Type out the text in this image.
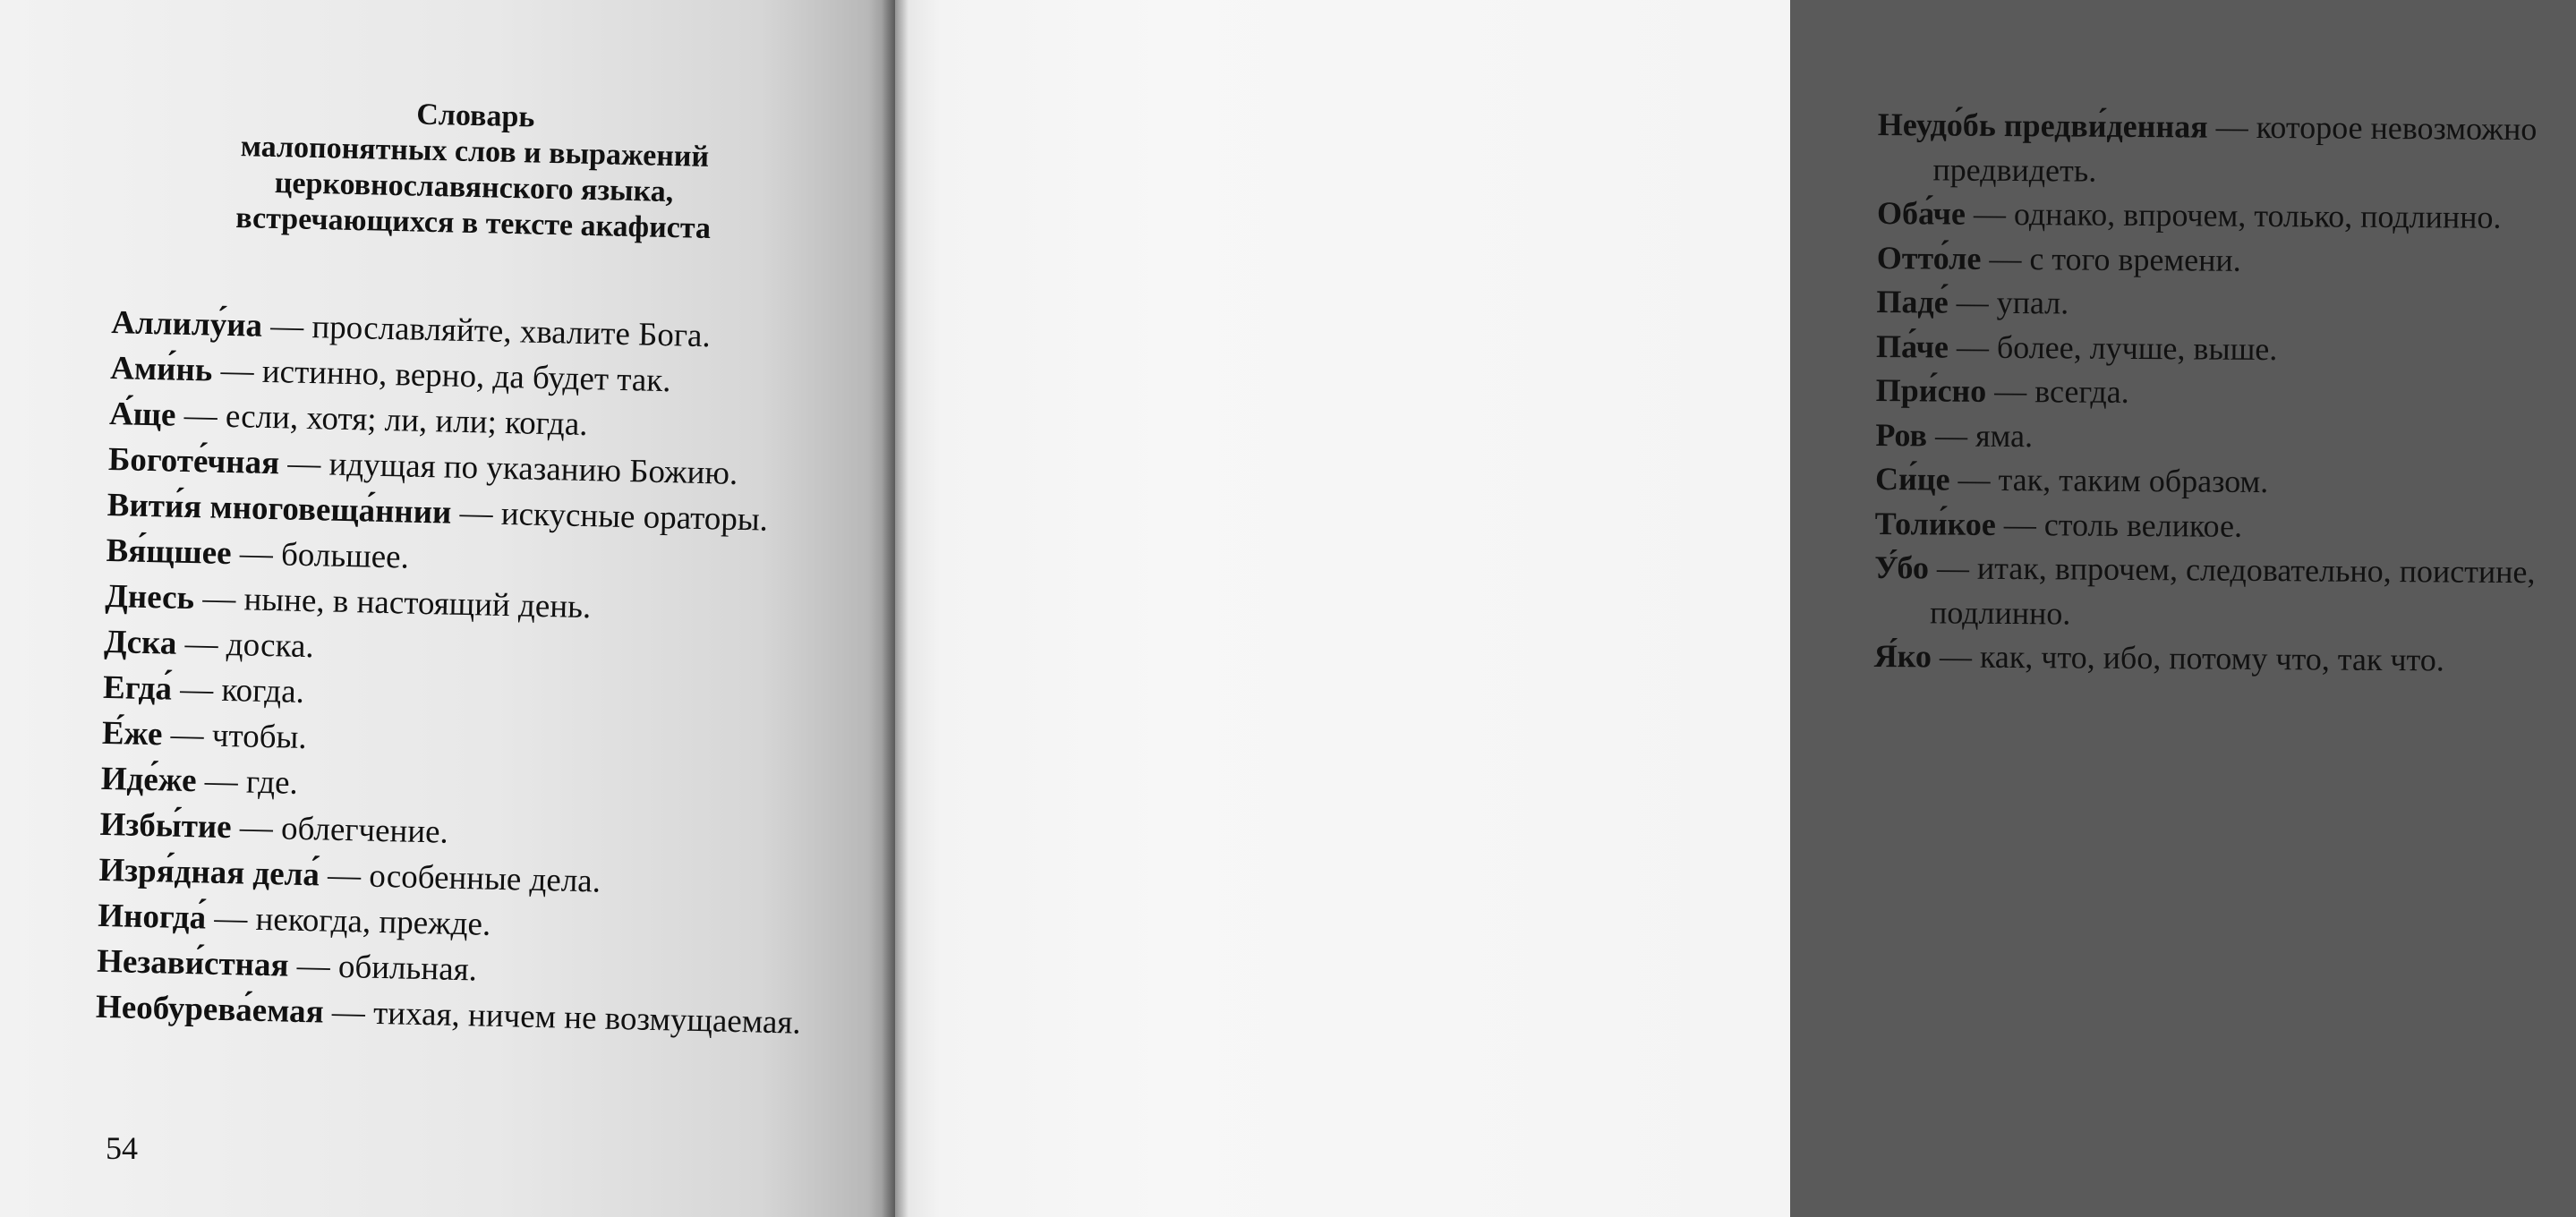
Словарь
малопонятных слов и выражений
церковнославянского языка,
встречающихся в тексте акафиста

Аллилу́иа — прославляйте, хвалите Бога.

Ами́нь — истинно, верно, да будет так.

А́ще — если, хотя; ли, или; когда.

Боготе́чная — идущая по указанию Божию.

Вити́я многовеща́ннии — искусные ораторы.

Вя́щшее — большее.

Днесь — ныне, в настоящий день.

Дска — доска.

Егда́ — когда.

Е́же — чтобы.

Иде́же — где.

Избы́тие — облегчение.

Изря́дная дела́ — особенные дела.

Иногда́ — некогда, прежде.

Незави́стная — обильная.

Необурева́емая — тихая, ничем не возмущаемая.

54

Неудо́бь предви́денная — которое невозможно предвидеть.

Оба́че — однако, впрочем, только, подлинно.

Отто́ле — с того времени.

Паде́ — упал.

Па́че — более, лучше, выше.

При́сно — всегда.

Ров — яма.

Си́це — так, таким образом.

Толи́кое — столь великое.

У́бо — итак, впрочем, следовательно, поистине, подлинно.

Я́ко — как, что, ибо, потому что, так что.
